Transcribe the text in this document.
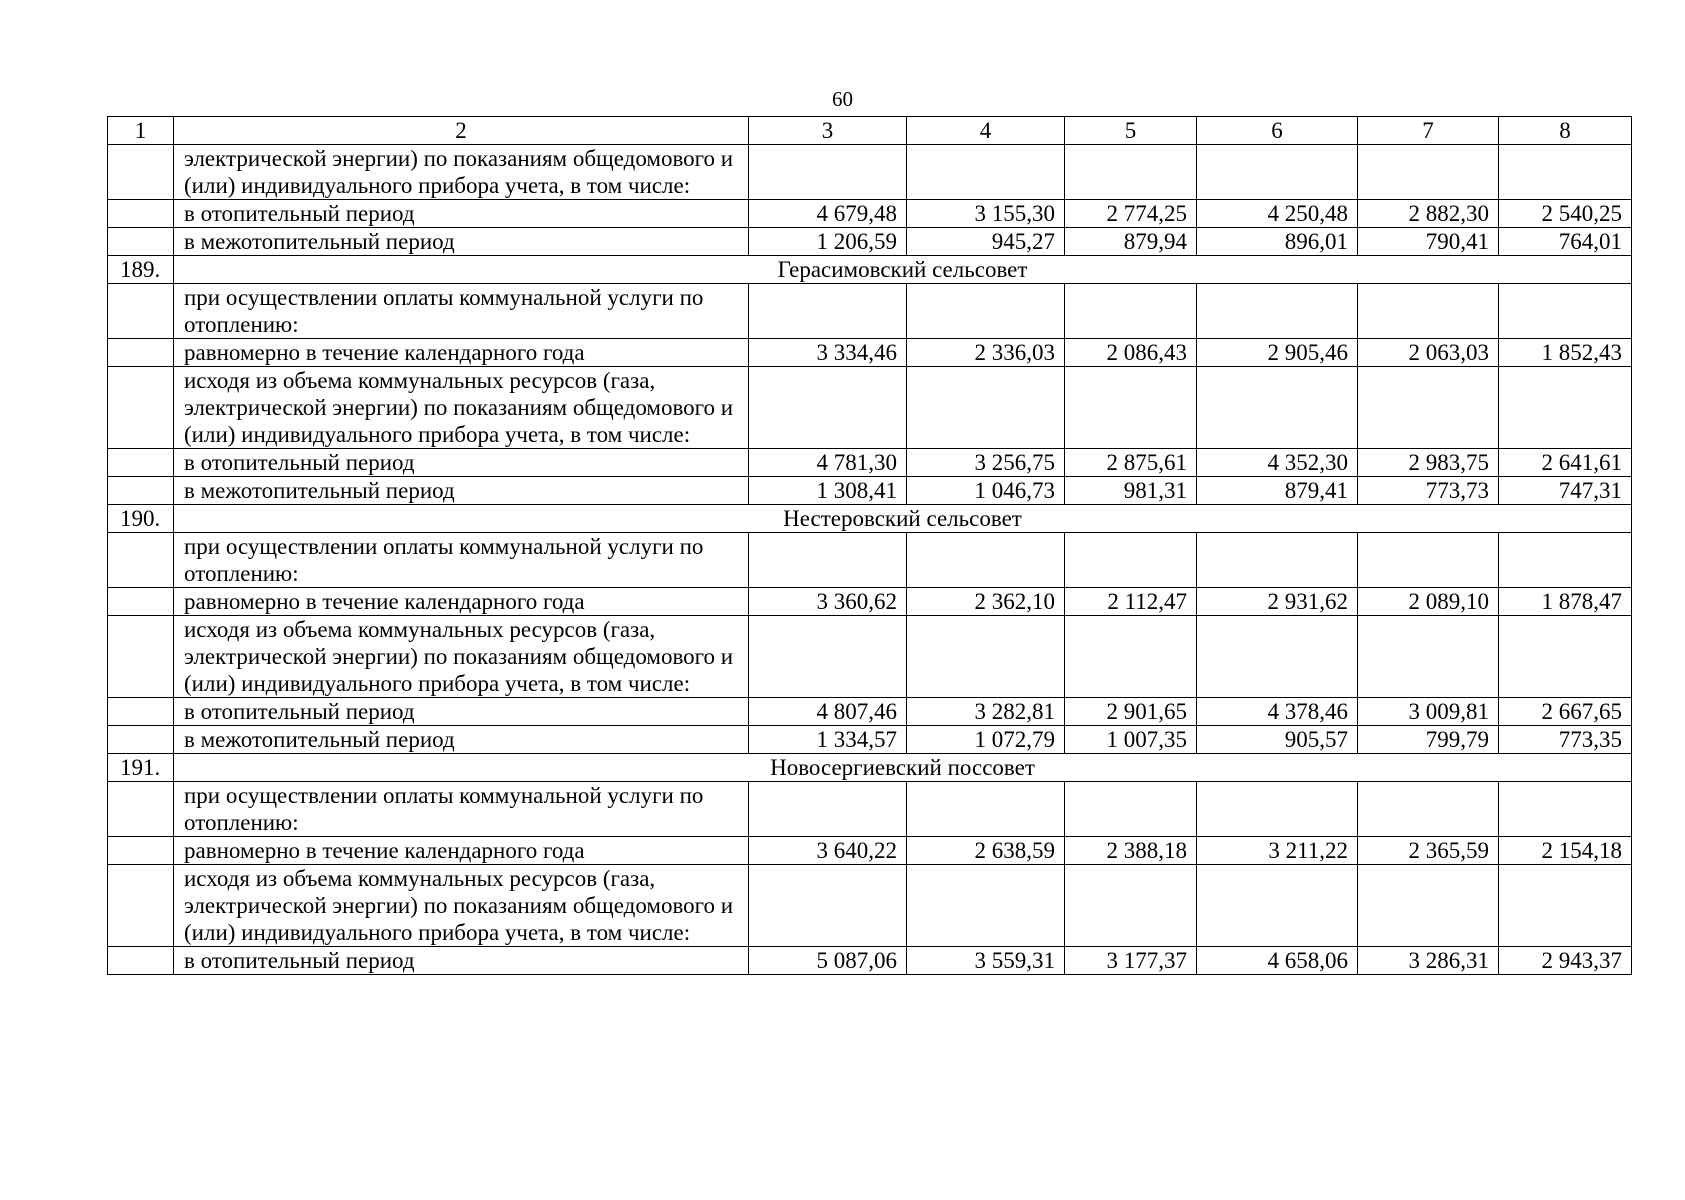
60
1	2	3	4	5	6	7	8
	электрической энергии) по показаниям общедомового и (или) индивидуального прибора учета, в том числе:						
	в отопительный период	4 679,48	3 155,30	2 774,25	4 250,48	2 882,30	2 540,25
	в межотопительный период	1 206,59	945,27	879,94	896,01	790,41	764,01
189.	Герасимовский сельсовет						
	при осуществлении оплаты коммунальной услуги по отоплению:						
	равномерно в течение календарного года	3 334,46	2 336,03	2 086,43	2 905,46	2 063,03	1 852,43
	исходя из объема коммунальных ресурсов (газа, электрической энергии) по показаниям общедомового и (или) индивидуального прибора учета, в том числе:						
	в отопительный период	4 781,30	3 256,75	2 875,61	4 352,30	2 983,75	2 641,61
	в межотопительный период	1 308,41	1 046,73	981,31	879,41	773,73	747,31
190.	Нестеровский сельсовет						
	при осуществлении оплаты коммунальной услуги по отоплению:						
	равномерно в течение календарного года	3 360,62	2 362,10	2 112,47	2 931,62	2 089,10	1 878,47
	исходя из объема коммунальных ресурсов (газа, электрической энергии) по показаниям общедомового и (или) индивидуального прибора учета, в том числе:						
	в отопительный период	4 807,46	3 282,81	2 901,65	4 378,46	3 009,81	2 667,65
	в межотопительный период	1 334,57	1 072,79	1 007,35	905,57	799,79	773,35
191.	Новосергиевский поссовет						
	при осуществлении оплаты коммунальной услуги по отоплению:						
	равномерно в течение календарного года	3 640,22	2 638,59	2 388,18	3 211,22	2 365,59	2 154,18
	исходя из объема коммунальных ресурсов (газа, электрической энергии) по показаниям общедомового и (или) индивидуального прибора учета, в том числе:						
	в отопительный период	5 087,06	3 559,31	3 177,37	4 658,06	3 286,31	2 943,37
